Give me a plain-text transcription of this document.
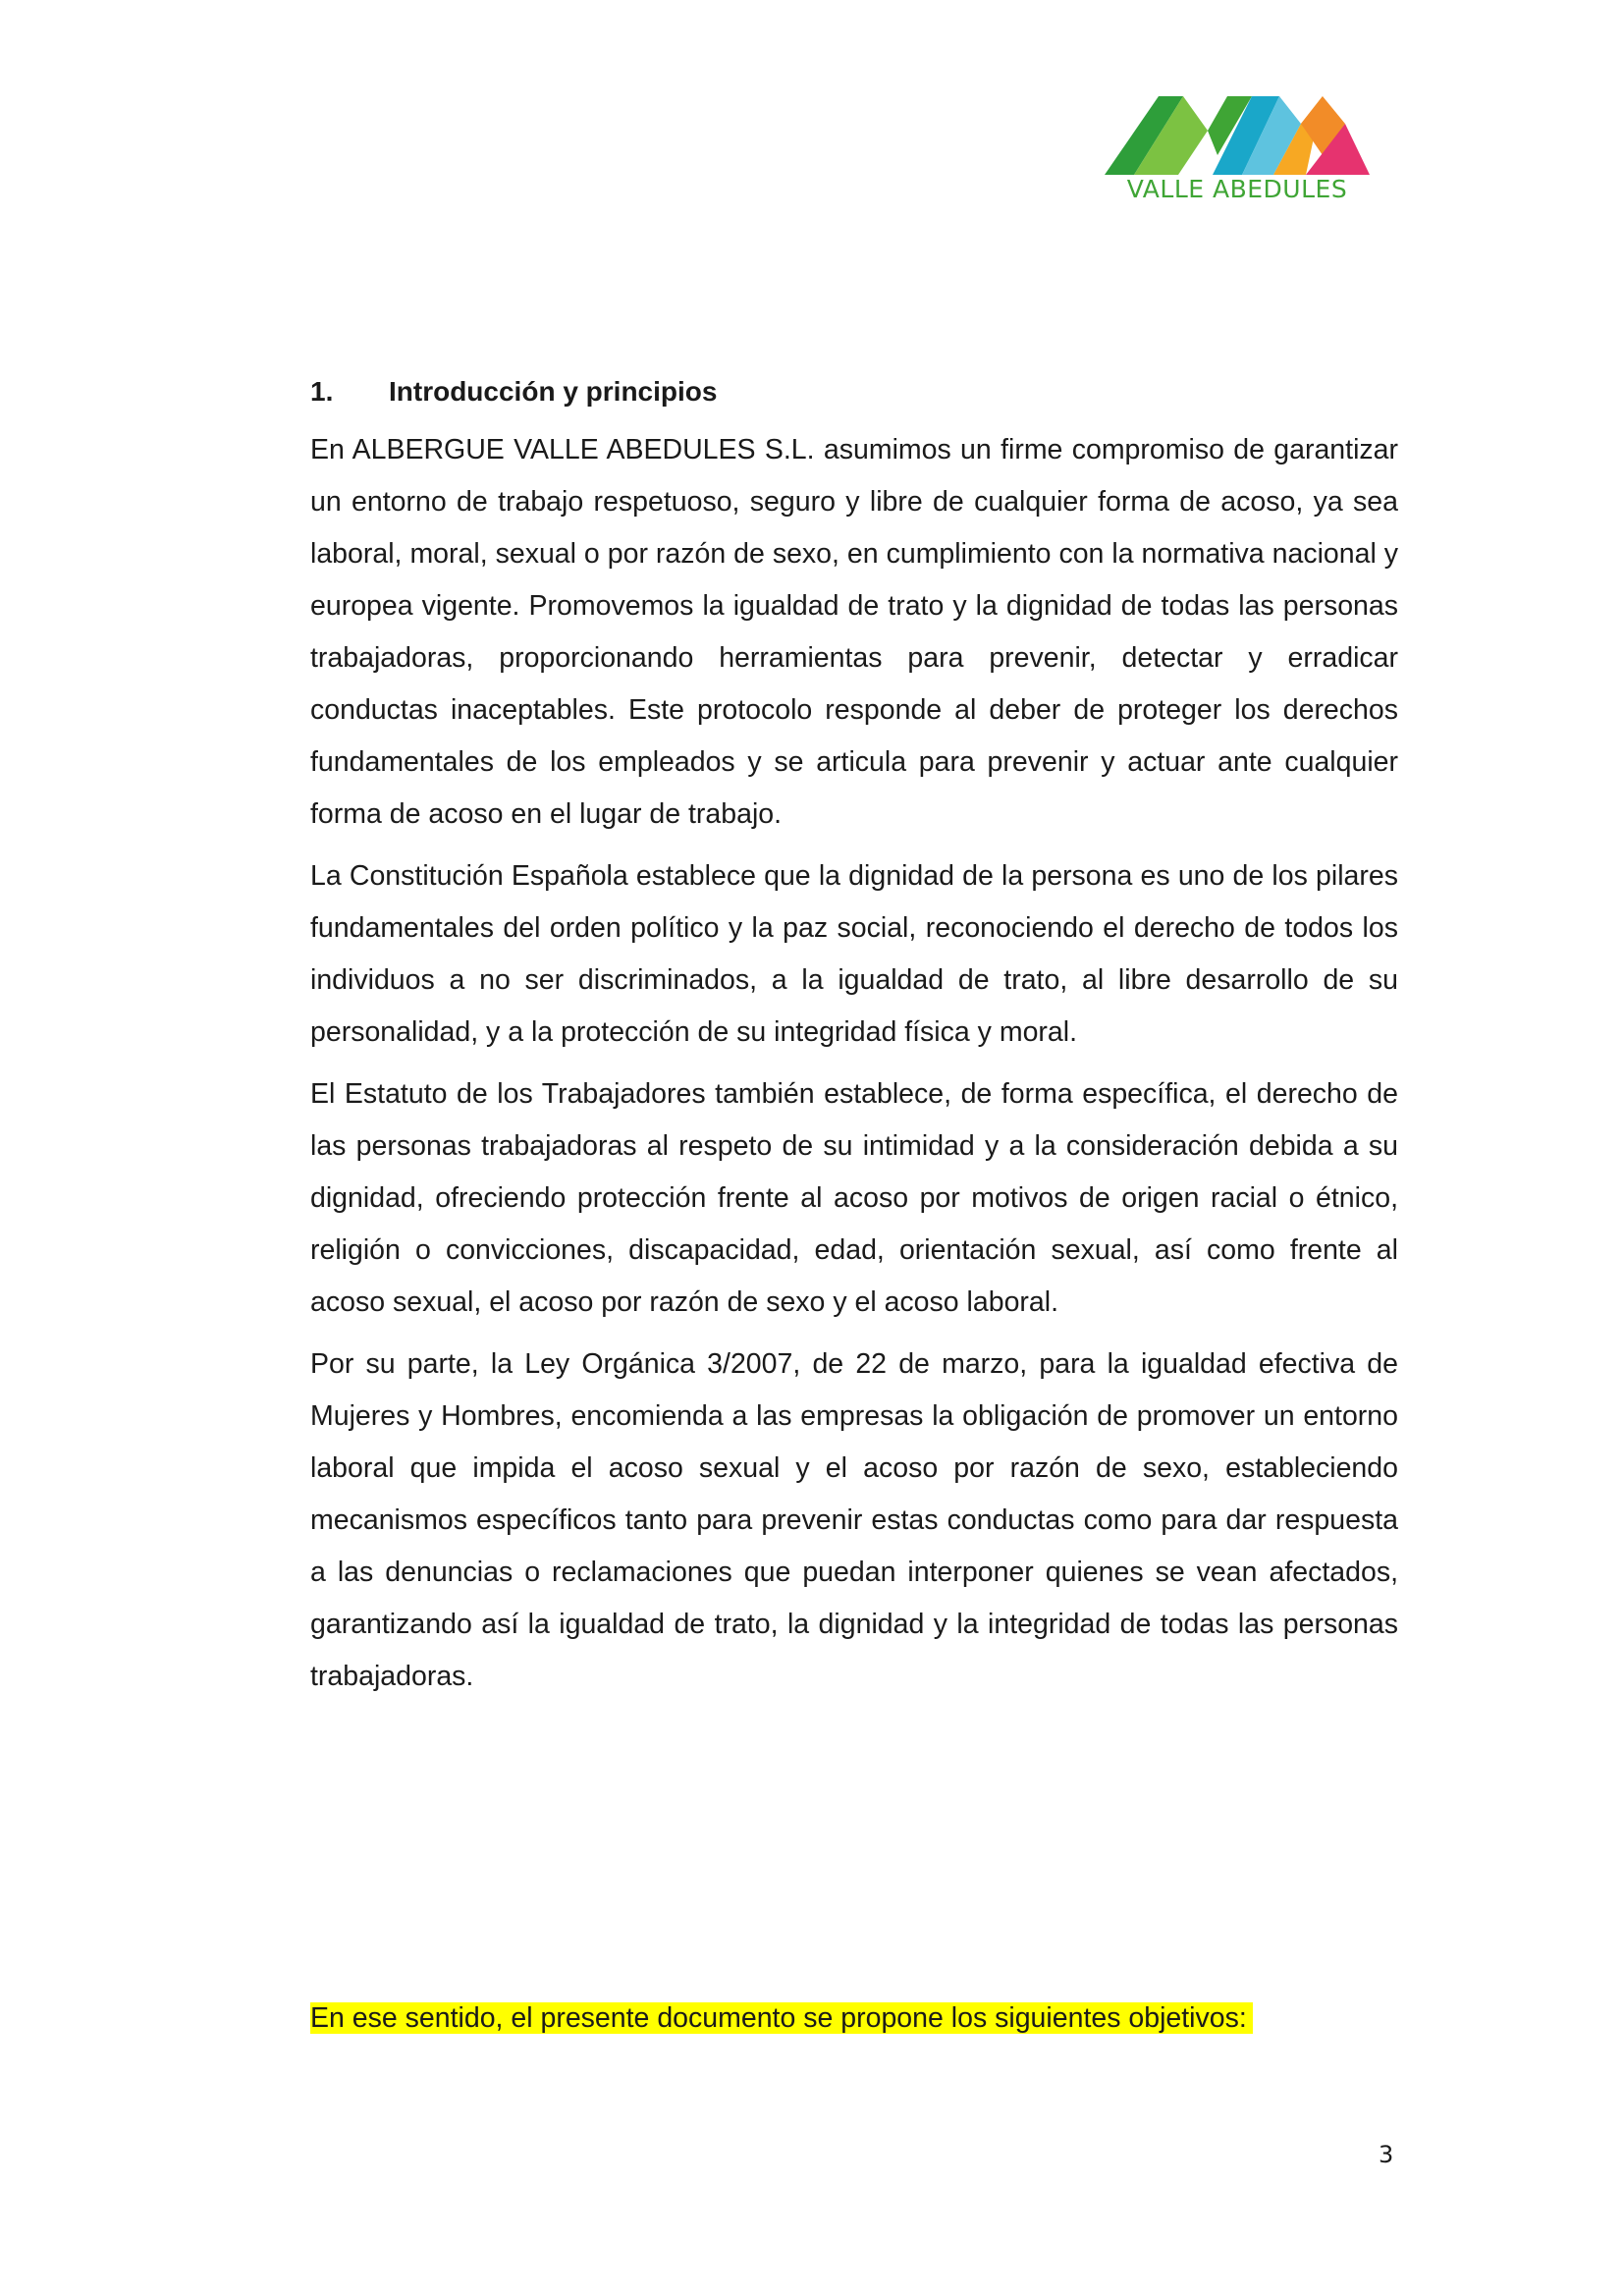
VALLE ABEDULES
1.	Introducción y principios

En ALBERGUE VALLE ABEDULES S.L. asumimos un firme compromiso de garantizar un entorno de trabajo respetuoso, seguro y libre de cualquier forma de acoso, ya sea laboral, moral, sexual o por razón de sexo, en cumplimiento con la normativa nacional y europea vigente. Promovemos la igualdad de trato y la dignidad de todas las personas trabajadoras, proporcionando herramientas para prevenir, detectar y erradicar conductas inaceptables. Este protocolo responde al deber de proteger los derechos fundamentales de los empleados y se articula para prevenir y actuar ante cualquier forma de acoso en el lugar de trabajo.

La Constitución Española establece que la dignidad de la persona es uno de los pilares fundamentales del orden político y la paz social, reconociendo el derecho de todos los individuos a no ser discriminados, a la igualdad de trato, al libre desarrollo de su personalidad, y a la protección de su integridad física y moral.

El Estatuto de los Trabajadores también establece, de forma específica, el derecho de las personas trabajadoras al respeto de su intimidad y a la consideración debida a su dignidad, ofreciendo protección frente al acoso por motivos de origen racial o étnico, religión o convicciones, discapacidad, edad, orientación sexual, así como frente al acoso sexual, el acoso por razón de sexo y el acoso laboral.

Por su parte, la Ley Orgánica 3/2007, de 22 de marzo, para la igualdad efectiva de Mujeres y Hombres, encomienda a las empresas la obligación de promover un entorno laboral que impida el acoso sexual y el acoso por razón de sexo, estableciendo mecanismos específicos tanto para prevenir estas conductas como para dar respuesta a las denuncias o reclamaciones que puedan interponer quienes se vean afectados, garantizando así la igualdad de trato, la dignidad y la integridad de todas las personas trabajadoras.

En ese sentido, el presente documento se propone los siguientes objetivos:
3
